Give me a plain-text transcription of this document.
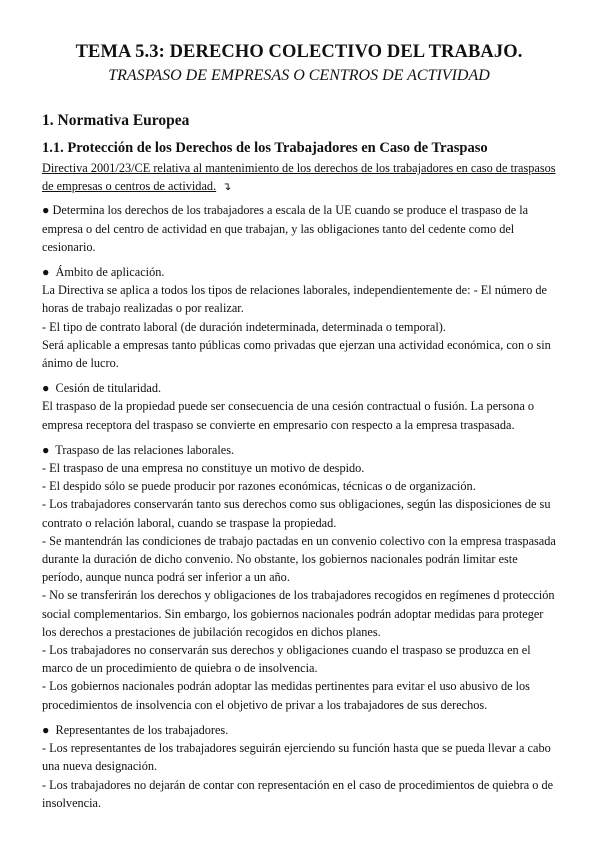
TEMA 5.3: DERECHO COLECTIVO DEL TRABAJO.
TRASPASO DE EMPRESAS O CENTROS DE ACTIVIDAD
1. Normativa Europea
1.1. Protección de los Derechos de los Trabajadores en Caso de Traspaso
Directiva 2001/23/CE relativa al mantenimiento de los derechos de los trabajadores en caso de traspasos de empresas o centros de actividad. ↴
● Determina los derechos de los trabajadores a escala de la UE cuando se produce el traspaso de la empresa o del centro de actividad en que trabajan, y las obligaciones tanto del cedente como del cesionario.
● Ámbito de aplicación.
La Directiva se aplica a todos los tipos de relaciones laborales, independientemente de: - El número de horas de trabajo realizadas o por realizar.
- El tipo de contrato laboral (de duración indeterminada, determinada o temporal).
Será aplicable a empresas tanto públicas como privadas que ejerzan una actividad económica, con o sin ánimo de lucro.
● Cesión de titularidad.
El traspaso de la propiedad puede ser consecuencia de una cesión contractual o fusión. La persona o empresa receptora del traspaso se convierte en empresario con respecto a la empresa traspasada.
● Traspaso de las relaciones laborales.
- El traspaso de una empresa no constituye un motivo de despido.
- El despido sólo se puede producir por razones económicas, técnicas o de organización.
- Los trabajadores conservarán tanto sus derechos como sus obligaciones, según las disposiciones de su contrato o relación laboral, cuando se traspase la propiedad.
- Se mantendrán las condiciones de trabajo pactadas en un convenio colectivo con la empresa traspasada durante la duración de dicho convenio. No obstante, los gobiernos nacionales podrán limitar este período, aunque nunca podrá ser inferior a un año.
- No se transferirán los derechos y obligaciones de los trabajadores recogidos en regímenes d protección social complementarios. Sin embargo, los gobiernos nacionales podrán adoptar medidas para proteger los derechos a prestaciones de jubilación recogidos en dichos planes.
- Los trabajadores no conservarán sus derechos y obligaciones cuando el traspaso se produzca en el marco de un procedimiento de quiebra o de insolvencia.
- Los gobiernos nacionales podrán adoptar las medidas pertinentes para evitar el uso abusivo de los procedimientos de insolvencia con el objetivo de privar a los trabajadores de sus derechos.
● Representantes de los trabajadores.
- Los representantes de los trabajadores seguirán ejerciendo su función hasta que se pueda llevar a cabo una nueva designación.
- Los trabajadores no dejarán de contar con representación en el caso de procedimientos de quiebra o de insolvencia.
